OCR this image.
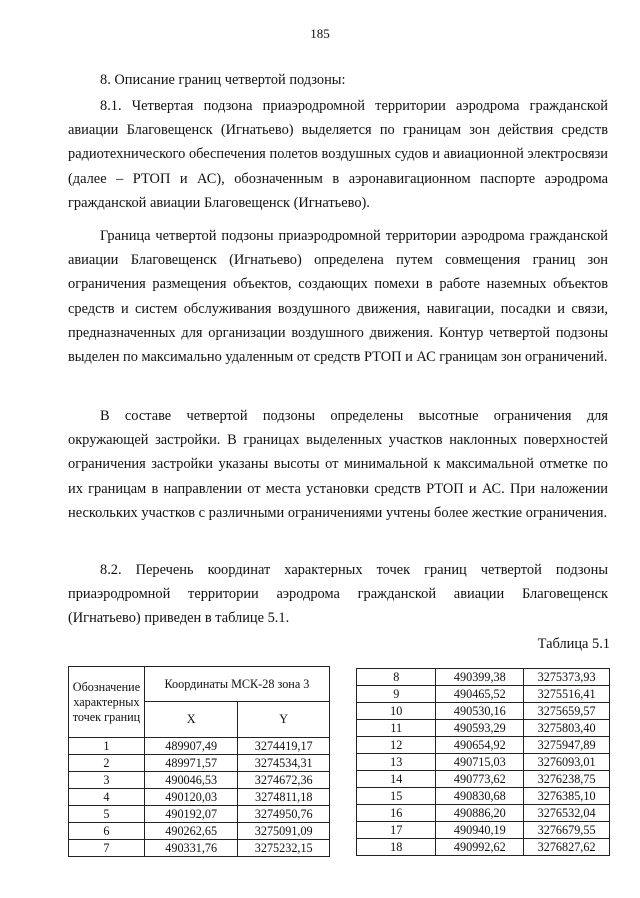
185
8. Описание границ четвертой подзоны:

8.1. Четвертая подзона приаэродромной территории аэродрома гражданской авиации Благовещенск (Игнатьево) выделяется по границам зон действия средств радиотехнического обеспечения полетов воздушных судов и авиационной электросвязи (далее – РТОП и АС), обозначенным в аэронавигационном паспорте аэродрома гражданской авиации Благовещенск (Игнатьево).

Граница четвертой подзоны приаэродромной территории аэродрома гражданской авиации Благовещенск (Игнатьево) определена путем совмещения границ зон ограничения размещения объектов, создающих помехи в работе наземных объектов средств и систем обслуживания воздушного движения, навигации, посадки и связи, предназначенных для организации воздушного движения. Контур четвертой подзоны выделен по максимально удаленным от средств РТОП и АС границам зон ограничений.

В составе четвертой подзоны определены высотные ограничения для окружающей застройки. В границах выделенных участков наклонных поверхностей ограничения застройки указаны высоты от минимальной к максимальной отметке по их границам в направлении от места установки средств РТОП и АС. При наложении нескольких участков с различными ограничениями учтены более жесткие ограничения.

8.2. Перечень координат характерных точек границ четвертой подзоны приаэродромной территории аэродрома гражданской авиации Благовещенск (Игнатьево) приведен в таблице 5.1.

Таблица 5.1
Обозначение характерных точек границ	Координаты МСК-28 зона 3	
	X	Y
1	489907,49	3274419,17
2	489971,57	3274534,31
3	490046,53	3274672,36
4	490120,03	3274811,18
5	490192,07	3274950,76
6	490262,65	3275091,09
7	490331,76	3275232,15
8	490399,38	3275373,93
9	490465,52	3275516,41
10	490530,16	3275659,57
11	490593,29	3275803,40
12	490654,92	3275947,89
13	490715,03	3276093,01
14	490773,62	3276238,75
15	490830,68	3276385,10
16	490886,20	3276532,04
17	490940,19	3276679,55
18	490992,62	3276827,62
